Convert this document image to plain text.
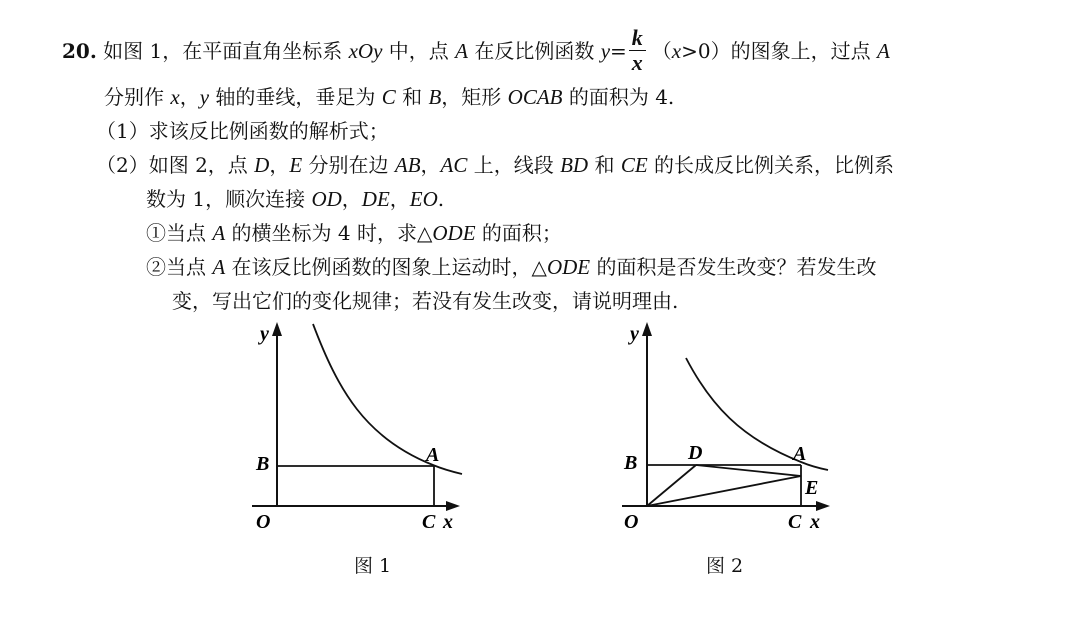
20. 如图 1，在平面直角坐标系 xOy 中，点 A 在反比例函数 $y= \frac{k}{x} (x>0)$的图象上，过点 A
分别作 x，y 轴的垂线，垂足为 C 和 B，矩形 OCAB 的面积为 4.
（1）求该反比例函数的解析式；
（2）如图 2，点 D，E 分别在边 AB，AC 上，线段 BD 和 CE 的长成反比例关系，比例系
数为 1，顺次连接 OD，DE，EO.
①当点 A 的横坐标为 4 时，求△ODE 的面积；
②当点 A 在该反比例函数的图象上运动时，△ODE 的面积是否发生改变？若发生改
变，写出它们的变化规律；若没有发生改变，请说明理由.
y
B	A
O	C x
图 1
y
B	D	A
E
O	C x
图 2
